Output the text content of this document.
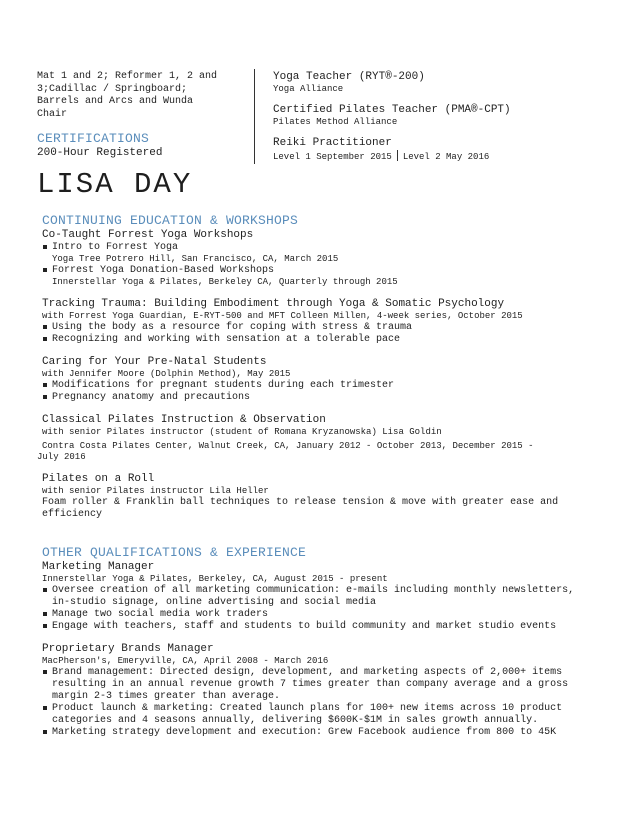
Mat 1 and 2; Reformer 1, 2 and
3;Cadillac / Springboard;
Barrels and Arcs and Wunda
Chair
CERTIFICATIONS
200-Hour Registered
LISA DAY
Yoga Teacher (RYT®-200)
Yoga Alliance
Certified Pilates Teacher (PMA®-CPT)
Pilates Method Alliance
Reiki Practitioner
Level 1 September 2015 Level 2 May 2016
CONTINUING EDUCATION & WORKSHOPS
Co-Taught Forrest Yoga Workshops
Intro to Forrest Yoga
Yoga Tree Potrero Hill, San Francisco, CA, March 2015
Forrest Yoga Donation-Based Workshops
Innerstellar Yoga & Pilates, Berkeley CA, Quarterly through 2015
Tracking Trauma: Building Embodiment through Yoga & Somatic Psychology
with Forrest Yoga Guardian, E-RYT-500 and MFT Colleen Millen, 4-week series, October 2015
Using the body as a resource for coping with stress & trauma
Recognizing and working with sensation at a tolerable pace
Caring for Your Pre-Natal Students
with Jennifer Moore (Dolphin Method), May 2015
Modifications for pregnant students during each trimester
Pregnancy anatomy and precautions
Classical Pilates Instruction & Observation
with senior Pilates instructor (student of Romana Kryzanowska) Lisa Goldin
Contra Costa Pilates Center, Walnut Creek, CA, January 2012 - October 2013, December 2015 -
July 2016
Pilates on a Roll
with senior Pilates instructor Lila Heller
Foam roller & Franklin ball techniques to release tension & move with greater ease and efficiency
OTHER QUALIFICATIONS & EXPERIENCE
Marketing Manager
Innerstellar Yoga & Pilates, Berkeley, CA, August 2015 - present
Oversee creation of all marketing communication: e-mails including monthly newsletters, in-studio signage, online advertising and social media
Manage two social media work traders
Engage with teachers, staff and students to build community and market studio events
Proprietary Brands Manager
MacPherson's, Emeryville, CA, April 2008 - March 2016
Brand management: Directed design, development, and marketing aspects of 2,000+ items resulting in an annual revenue growth 7 times greater than company average and a gross margin 2-3 times greater than average.
Product launch & marketing: Created launch plans for 100+ new items across 10 product categories and 4 seasons annually, delivering $600K-$1M in sales growth annually.
Marketing strategy development and execution: Grew Facebook audience from 800 to 45K
